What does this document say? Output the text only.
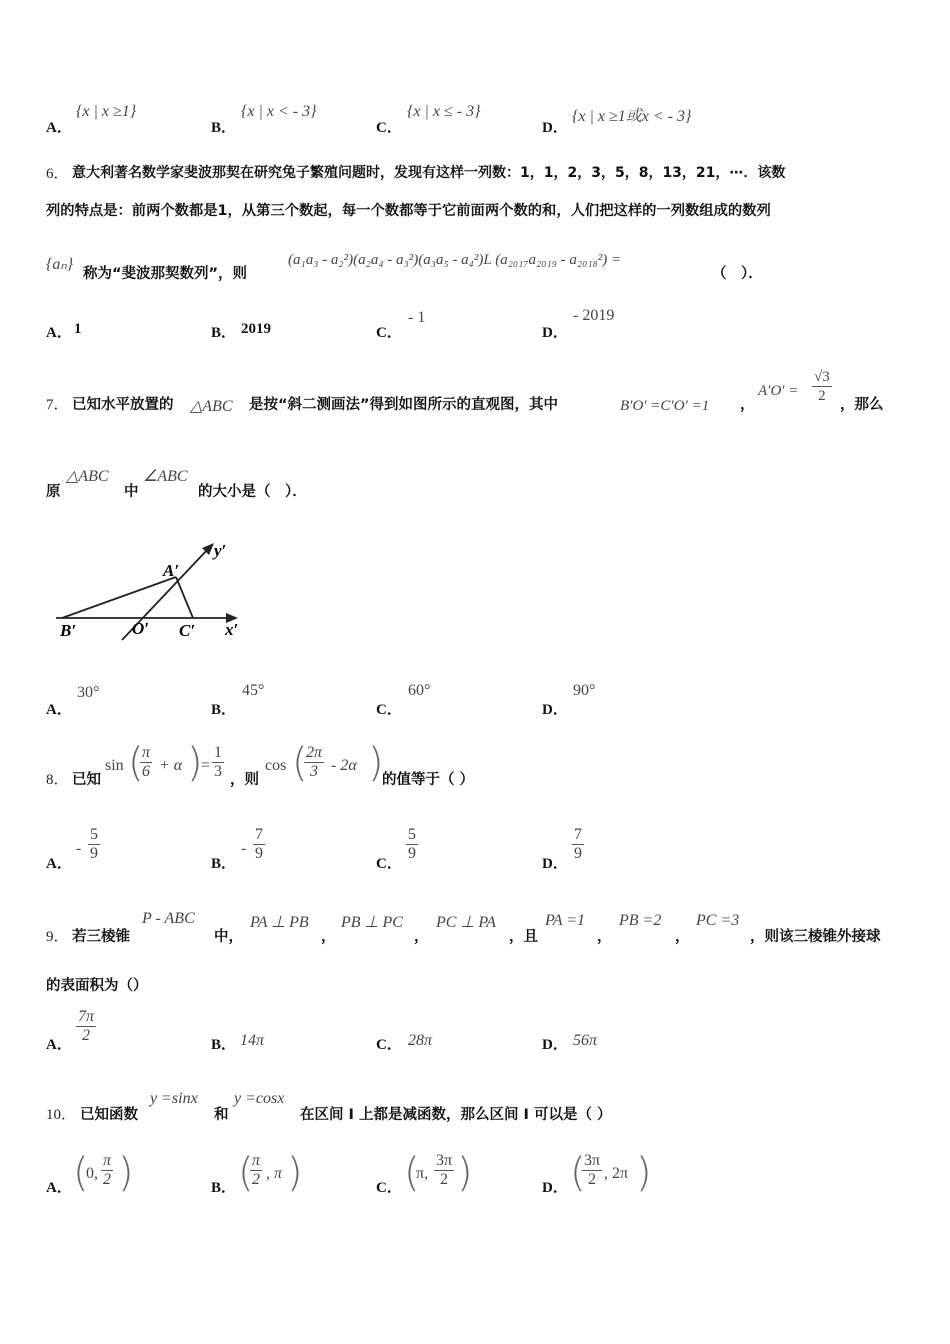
A．
{x | x ≥1}
B．
{x | x < - 3}
C．
{x | x ≤ - 3}
D．
{x | x ≥1或x < - 3}
6． 意大利著名数学家斐波那契在研究兔子繁殖问题时，发现有这样一列数：1，1，2，3，5，8，13，21，⋯．该数
列的特点是：前两个数都是1，从第三个数起，每一个数都等于它前面两个数的和，人们把这样的一列数组成的数列
{aₙ}
称为“斐波那契数列”，则
(a₁a₃ - a₂²)(a₂a₄ - a₃²)(a₃a₅ - a₄²)L (a₂₀₁₇a₂₀₁₉ - a₂₀₁₈²) =
（　）．
A． 1	B． 2019	C．
- 1
D．
- 2019
7． 已知水平放置的 △ABC 是按“斜二测画法”得到如图所示的直观图，其中	B′O′ =C′O′ =1 ，
$A'O' = \frac{√3}{2}$ ，那么
原
△ABC
中
∠ABC
的大小是（　）．
y′
A′
B′	O′ C′ x′
A．
30°
B．
45°
C．
60°
D．
90°
8． 已知
sin (
$\frac{\pi}{6} + \alpha$ )
= $\frac{1}{3}$ ，则
cos (
$\frac{2\pi}{3} - 2\alpha$ )
的值等于（ ）
A．
- $\frac{5}{9}$
B．
- $\frac{7}{9}$
C．
$\frac{5}{9}$
D．
$\frac{7}{9}$
9． 若三棱锥
P - ABC
中，
PA ⊥ PB
，
PB ⊥ PC
，
PC ⊥ PA
，且
PA =1
，
PB =2
，
PC =3
，则该三棱锥外接球
的表面积为（）
A． $\frac{7\pi}{2}$	B． 14π	C． 28π	D． 56π
10． 已知函数
y =sinx
和
y =cosx
在区间 I 上都是减函数，那么区间 I 可以是（ ）
A． (
0, $\frac{\pi}{2}$ )	B． (
$\frac{\pi}{2}$ , π )	C． (
π, $\frac{3\pi}{2}$ )	D． (
$\frac{3\pi}{2}$ , 2π )
